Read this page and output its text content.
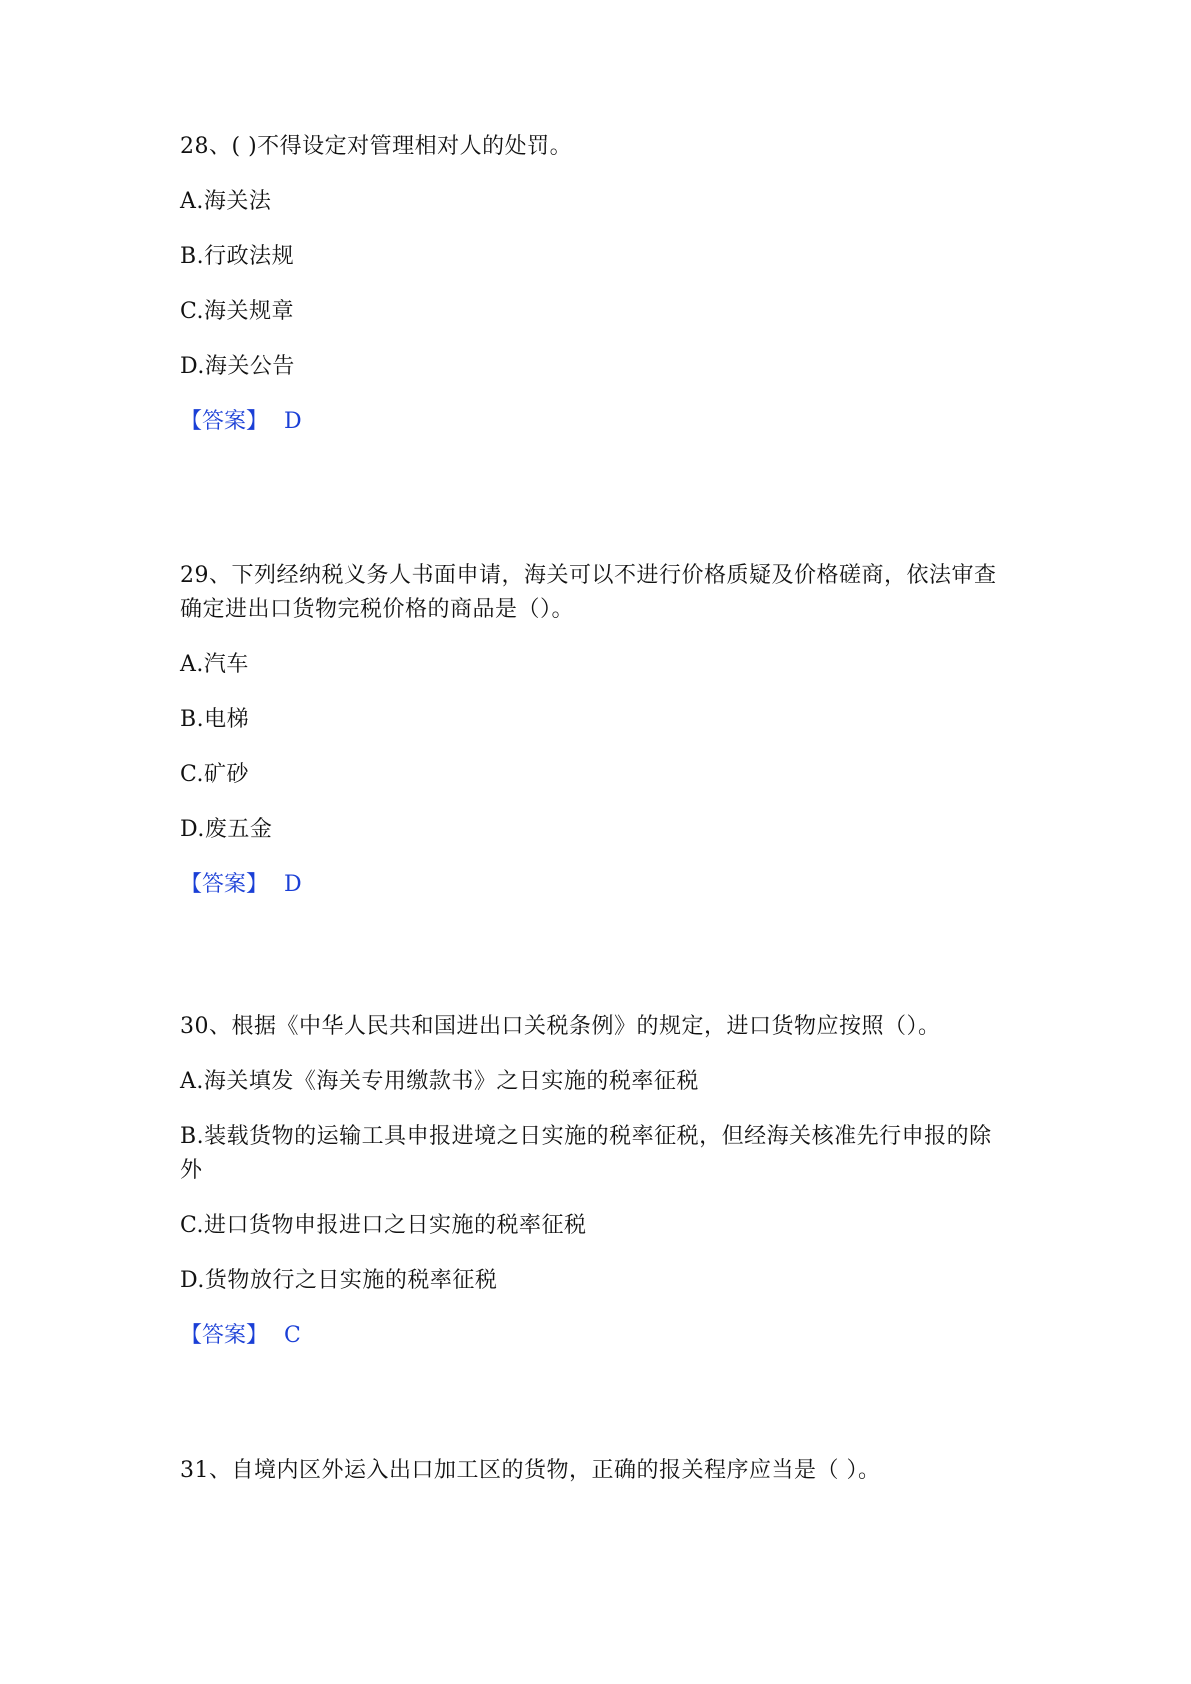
28、( )不得设定对管理相对人的处罚。

A.海关法

B.行政法规

C.海关规章

D.海关公告

【答案】 D

29、下列经纳税义务人书面申请，海关可以不进行价格质疑及价格磋商，依法审查确定进出口货物完税价格的商品是（）。

A.汽车

B.电梯

C.矿砂

D.废五金

【答案】 D

30、根据《中华人民共和国进出口关税条例》的规定，进口货物应按照（）。

A.海关填发《海关专用缴款书》之日实施的税率征税

B.装载货物的运输工具申报进境之日实施的税率征税，但经海关核准先行申报的除外

C.进口货物申报进口之日实施的税率征税

D.货物放行之日实施的税率征税

【答案】 C

31、自境内区外运入出口加工区的货物，正确的报关程序应当是（ ）。
